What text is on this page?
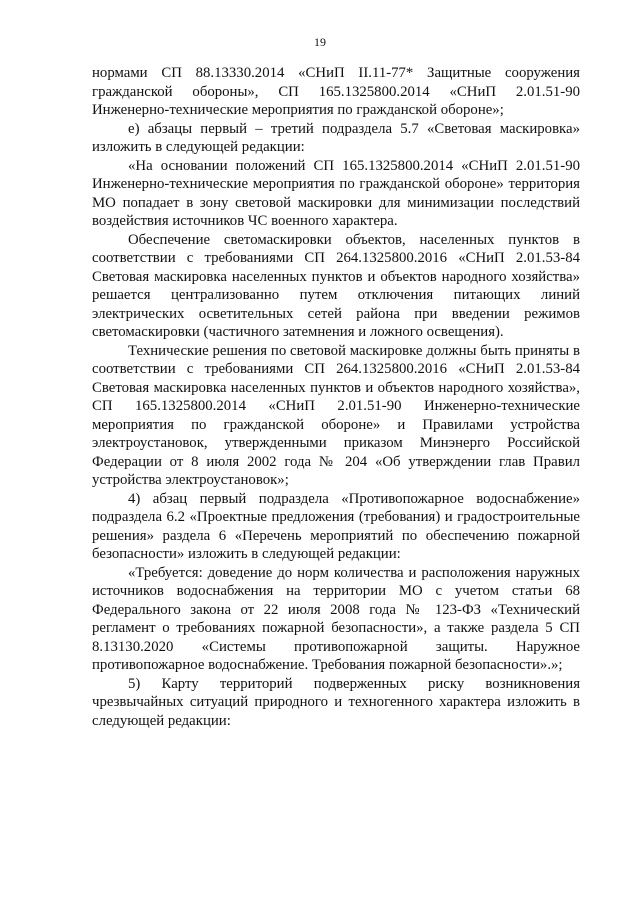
19

нормами СП 88.13330.2014 «СНиП II.11-77* Защитные сооружения гражданской обороны», СП 165.1325800.2014 «СНиП 2.01.51-90 Инженерно-технические мероприятия по гражданской обороне»;

е) абзацы первый – третий подраздела 5.7 «Световая маскировка» изложить в следующей редакции:

«На основании положений СП 165.1325800.2014 «СНиП 2.01.51-90 Инженерно-технические мероприятия по гражданской обороне» территория МО попадает в зону световой маскировки для минимизации последствий воздействия источников ЧС военного характера.

Обеспечение светомаскировки объектов, населенных пунктов в соответствии с требованиями СП 264.1325800.2016 «СНиП 2.01.53-84 Световая маскировка населенных пунктов и объектов народного хозяйства» решается централизованно путем отключения питающих линий электрических осветительных сетей района при введении режимов светомаскировки (частичного затемнения и ложного освещения).

Технические решения по световой маскировке должны быть приняты в соответствии с требованиями СП 264.1325800.2016 «СНиП 2.01.53-84 Световая маскировка населенных пунктов и объектов народного хозяйства», СП 165.1325800.2014 «СНиП 2.01.51-90 Инженерно-технические мероприятия по гражданской обороне» и Правилами устройства электроустановок, утвержденными приказом Минэнерго Российской Федерации от 8 июля 2002 года № 204 «Об утверждении глав Правил устройства электроустановок»;

4) абзац первый подраздела «Противопожарное водоснабжение» подраздела 6.2 «Проектные предложения (требования) и градостроительные решения» раздела 6 «Перечень мероприятий по обеспечению пожарной безопасности» изложить в следующей редакции:

«Требуется: доведение до норм количества и расположения наружных источников водоснабжения на территории МО с учетом статьи 68 Федерального закона от 22 июля 2008 года № 123-ФЗ «Технический регламент о требованиях пожарной безопасности», а также раздела 5 СП 8.13130.2020 «Системы противопожарной защиты. Наружное противопожарное водоснабжение. Требования пожарной безопасности».»;

5) Карту территорий подверженных риску возникновения чрезвычайных ситуаций природного и техногенного характера изложить в следующей редакции:
